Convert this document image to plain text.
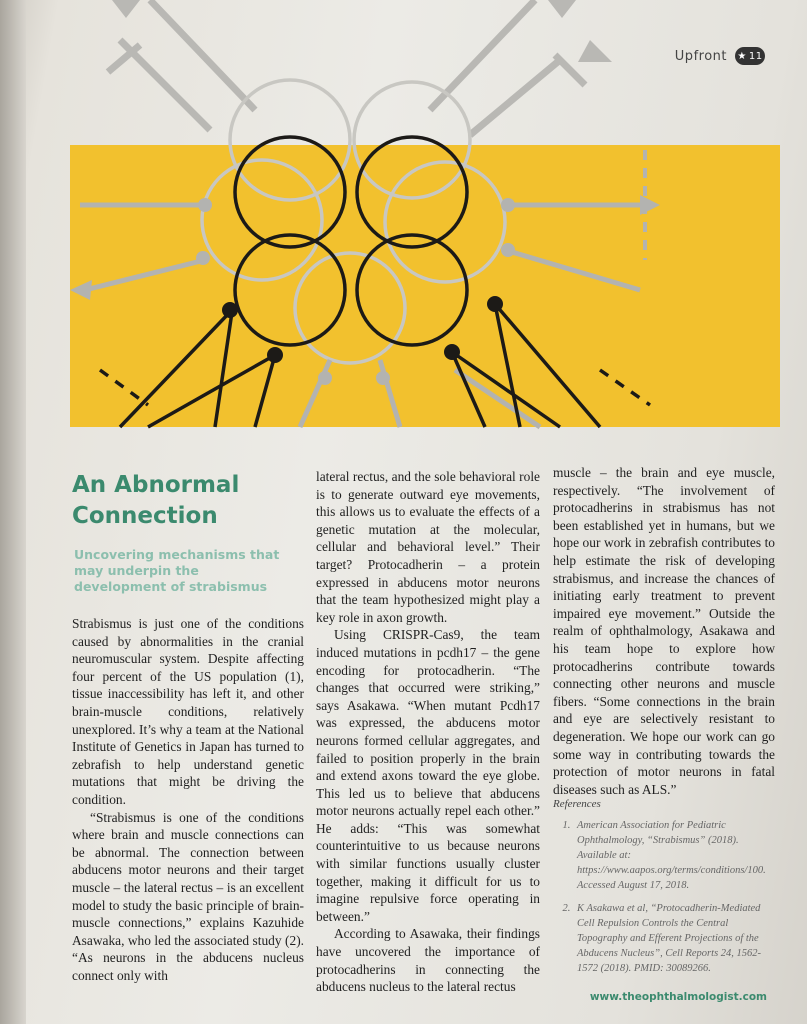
Upfront ★ 11
An Abnormal Connection
Uncovering mechanisms that may underpin the development of strabismus

Strabismus is just one of the conditions caused by abnormalities in the cranial neuromuscular system. Despite affecting four percent of the US population (1), tissue inaccessibility has left it, and other brain-muscle conditions, relatively unexplored. It’s why a team at the National Institute of Genetics in Japan has turned to zebrafish to help understand genetic mutations that might be driving the condition.

“Strabismus is one of the conditions where brain and muscle connections can be abnormal. The connection between abducens motor neurons and their target muscle – the lateral rectus – is an excellent model to study the basic principle of brain-muscle connections,” explains Kazuhide Asawaka, who led the associated study (2). “As neurons in the abducens nucleus connect only with

lateral rectus, and the sole behavioral role is to generate outward eye movements, this allows us to evaluate the effects of a genetic mutation at the molecular, cellular and behavioral level.” Their target? Protocadherin – a protein expressed in abducens motor neurons that the team hypothesized might play a key role in axon growth.

Using CRISPR-Cas9, the team induced mutations in pcdh17 – the gene encoding for protocadherin. “The changes that occurred were striking,” says Asakawa. “When mutant Pcdh17 was expressed, the abducens motor neurons formed cellular aggregates, and failed to position properly in the brain and extend axons toward the eye globe. This led us to believe that abducens motor neurons actually repel each other.” He adds: “This was somewhat counterintuitive to us because neurons with similar functions usually cluster together, making it difficult for us to imagine repulsive force operating in between.”

According to Asawaka, their findings have uncovered the importance of protocadherins in connecting the abducens nucleus to the lateral rectus

muscle – the brain and eye muscle, respectively. “The involvement of protocadherins in strabismus has not been established yet in humans, but we hope our work in zebrafish contributes to help estimate the risk of developing strabismus, and increase the chances of initiating early treatment to prevent impaired eye movement.” Outside the realm of ophthalmology, Asakawa and his team hope to explore how protocadherins contribute towards connecting other neurons and muscle fibers. “Some connections in the brain and eye are selectively resistant to degeneration. We hope our work can go some way in contributing towards the protection of motor neurons in fatal diseases such as ALS.”

References
1. American Association for Pediatric Ophthalmology, “Strabismus” (2018). Available at: https://www.aapos.org/terms/conditions/100. Accessed August 17, 2018.
2. K Asakawa et al, “Protocadherin-Mediated Cell Repulsion Controls the Central Topography and Efferent Projections of the Abducens Nucleus”, Cell Reports 24, 1562-1572 (2018). PMID: 30089266.
www.theophthalmologist.com
